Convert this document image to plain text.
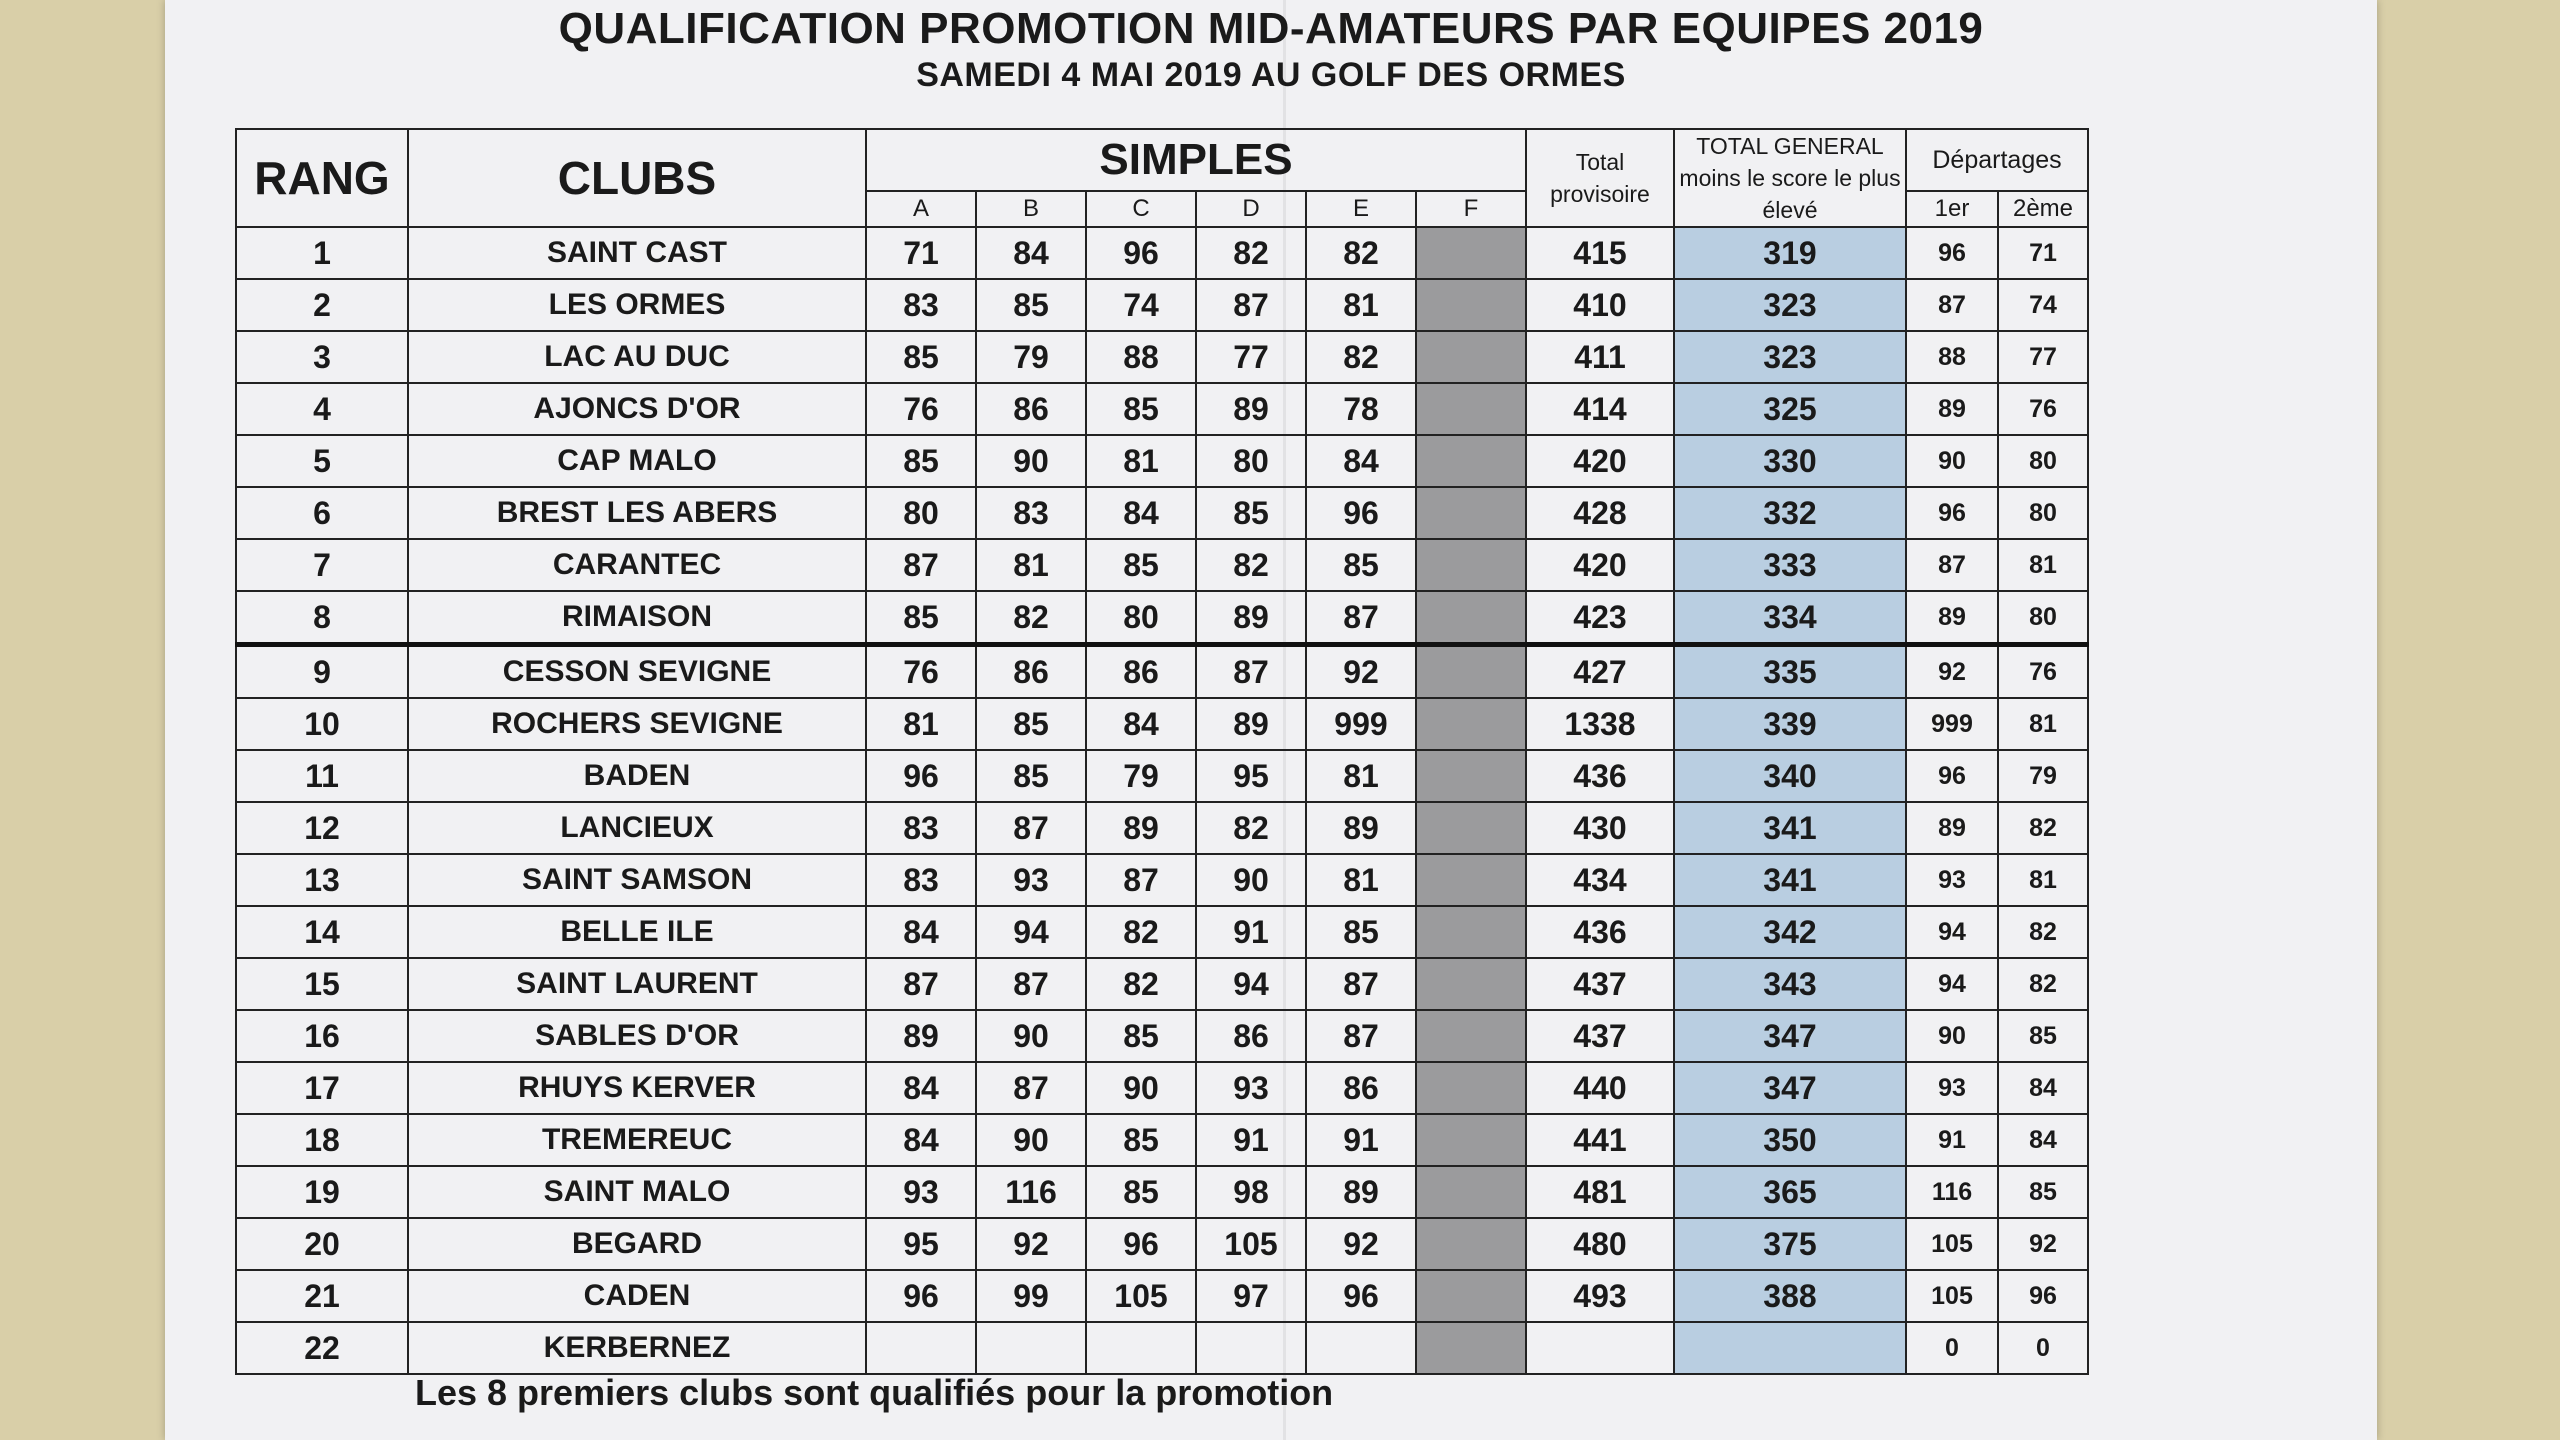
QUALIFICATION PROMOTION MID-AMATEURS PAR EQUIPES 2019
SAMEDI 4 MAI 2019 AU GOLF DES ORMES
RANG	CLUBS	SIMPLES						Total provisoire	TOTAL GENERAL moins le score le plus élevé	Départages	
		A	B	C	D	E	F			1er	2ème
1	SAINT CAST	71	84	96	82	82		415	319	96	71
2	LES ORMES	83	85	74	87	81		410	323	87	74
3	LAC AU DUC	85	79	88	77	82		411	323	88	77
4	AJONCS D'OR	76	86	85	89	78		414	325	89	76
5	CAP MALO	85	90	81	80	84		420	330	90	80
6	BREST LES ABERS	80	83	84	85	96		428	332	96	80
7	CARANTEC	87	81	85	82	85		420	333	87	81
8	RIMAISON	85	82	80	89	87		423	334	89	80
9	CESSON SEVIGNE	76	86	86	87	92		427	335	92	76
10	ROCHERS SEVIGNE	81	85	84	89	999		1338	339	999	81
11	BADEN	96	85	79	95	81		436	340	96	79
12	LANCIEUX	83	87	89	82	89		430	341	89	82
13	SAINT SAMSON	83	93	87	90	81		434	341	93	81
14	BELLE ILE	84	94	82	91	85		436	342	94	82
15	SAINT LAURENT	87	87	82	94	87		437	343	94	82
16	SABLES D'OR	89	90	85	86	87		437	347	90	85
17	RHUYS KERVER	84	87	90	93	86		440	347	93	84
18	TREMEREUC	84	90	85	91	91		441	350	91	84
19	SAINT MALO	93	116	85	98	89		481	365	116	85
20	BEGARD	95	92	96	105	92		480	375	105	92
21	CADEN	96	99	105	97	96		493	388	105	96
22	KERBERNEZ									0	0
Les 8 premiers clubs sont qualifiés pour la promotion
